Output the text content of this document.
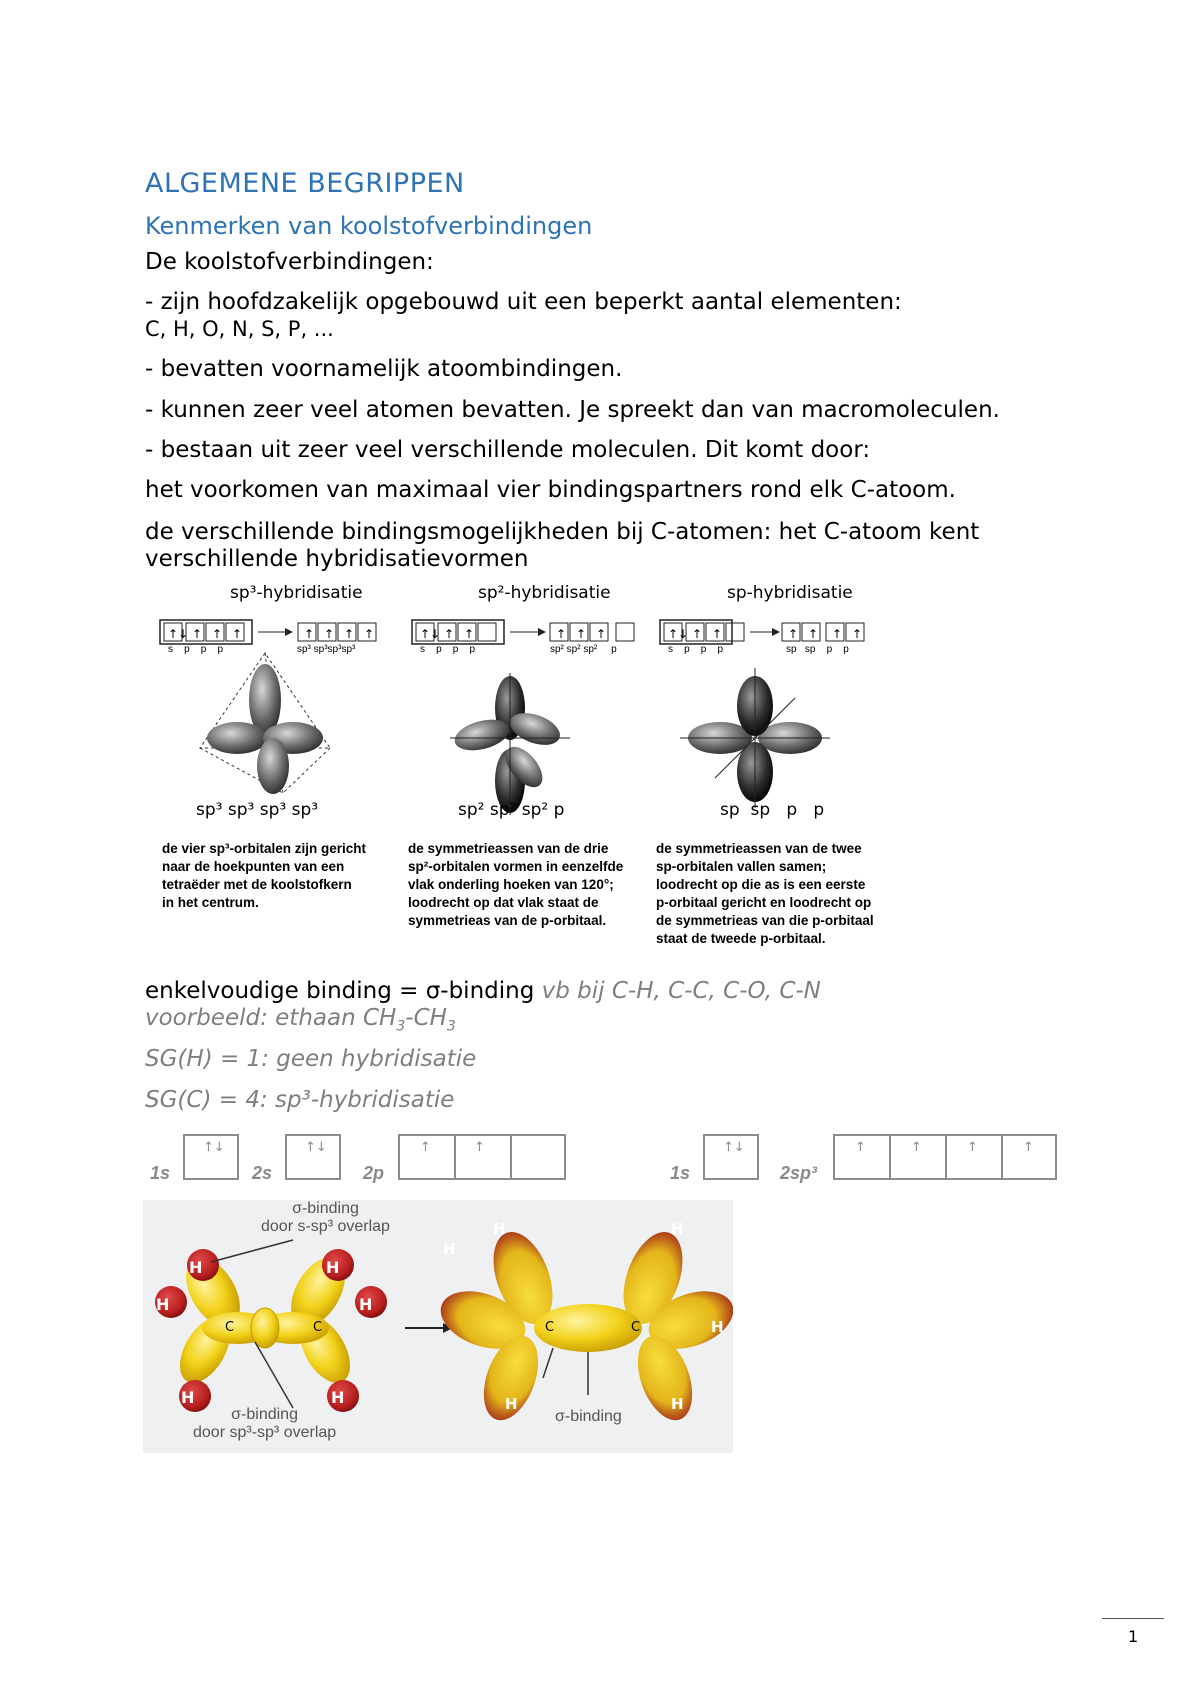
ALGEMENE BEGRIPPEN
Kenmerken van koolstofverbindingen
De koolstofverbindingen:
- zijn hoofdzakelijk opgebouwd uit een beperkt aantal elementen:
C, H, O, N, S, P, ...
- bevatten voornamelijk atoombindingen.
- kunnen zeer veel atomen bevatten. Je spreekt dan van macromoleculen.
- bestaan uit zeer veel verschillende moleculen. Dit komt door:
het voorkomen van maximaal vier bindingspartners rond elk C-atoom.
de verschillende bindingsmogelijkheden bij C-atomen: het C-atoom kent
verschillende hybridisatievormen
sp³-hybridisatie	sp²-hybridisatie	sp-hybridisatie
↑↓ ↑ ↑ ↑	↑ ↑ ↑ ↑	↑↓ ↑ ↑	↑ ↑ ↑	↑↓ ↑ ↑	↑ ↑ ↑ ↑
s    p    p    p	sp³ sp³sp³sp³	s    p    p    p	sp² sp² sp²     p	s    p    p    p	sp   sp    p    p
sp³ sp³ sp³ sp³	sp² sp² sp² p	sp  sp   p   p
de vier sp³-orbitalen zijn gericht
naar de hoekpunten van een
tetraëder met de koolstofkern
in het centrum.
de symmetrieassen van de drie
sp²-orbitalen vormen in eenzelfde
vlak onderling hoeken van 120°;
loodrecht op dat vlak staat de
symmetrieas van de p-orbitaal.
de symmetrieassen van de twee
sp-orbitalen vallen samen;
loodrecht op die as is een eerste
p-orbitaal gericht en loodrecht op
de symmetrieas van die p-orbitaal
staat de tweede p-orbitaal.
enkelvoudige binding = σ-binding vb bij C-H, C-C, C-O, C-N
voorbeeld: ethaan $CH_3-CH_3$
SG(H) = 1: geen hybridisatie
SG(C) = 4: sp³-hybridisatie
1s
↑↓
2s
↑↓
2p
↑	↑
1s
↑↓
2sp³
↑	↑	↑	↑
H
H
H
H
H
H
C	C
H
H
H
H
H
H
C	C
σ-binding
door s-sp³ overlap
σ-binding
door sp³-sp³ overlap
σ-binding
1
